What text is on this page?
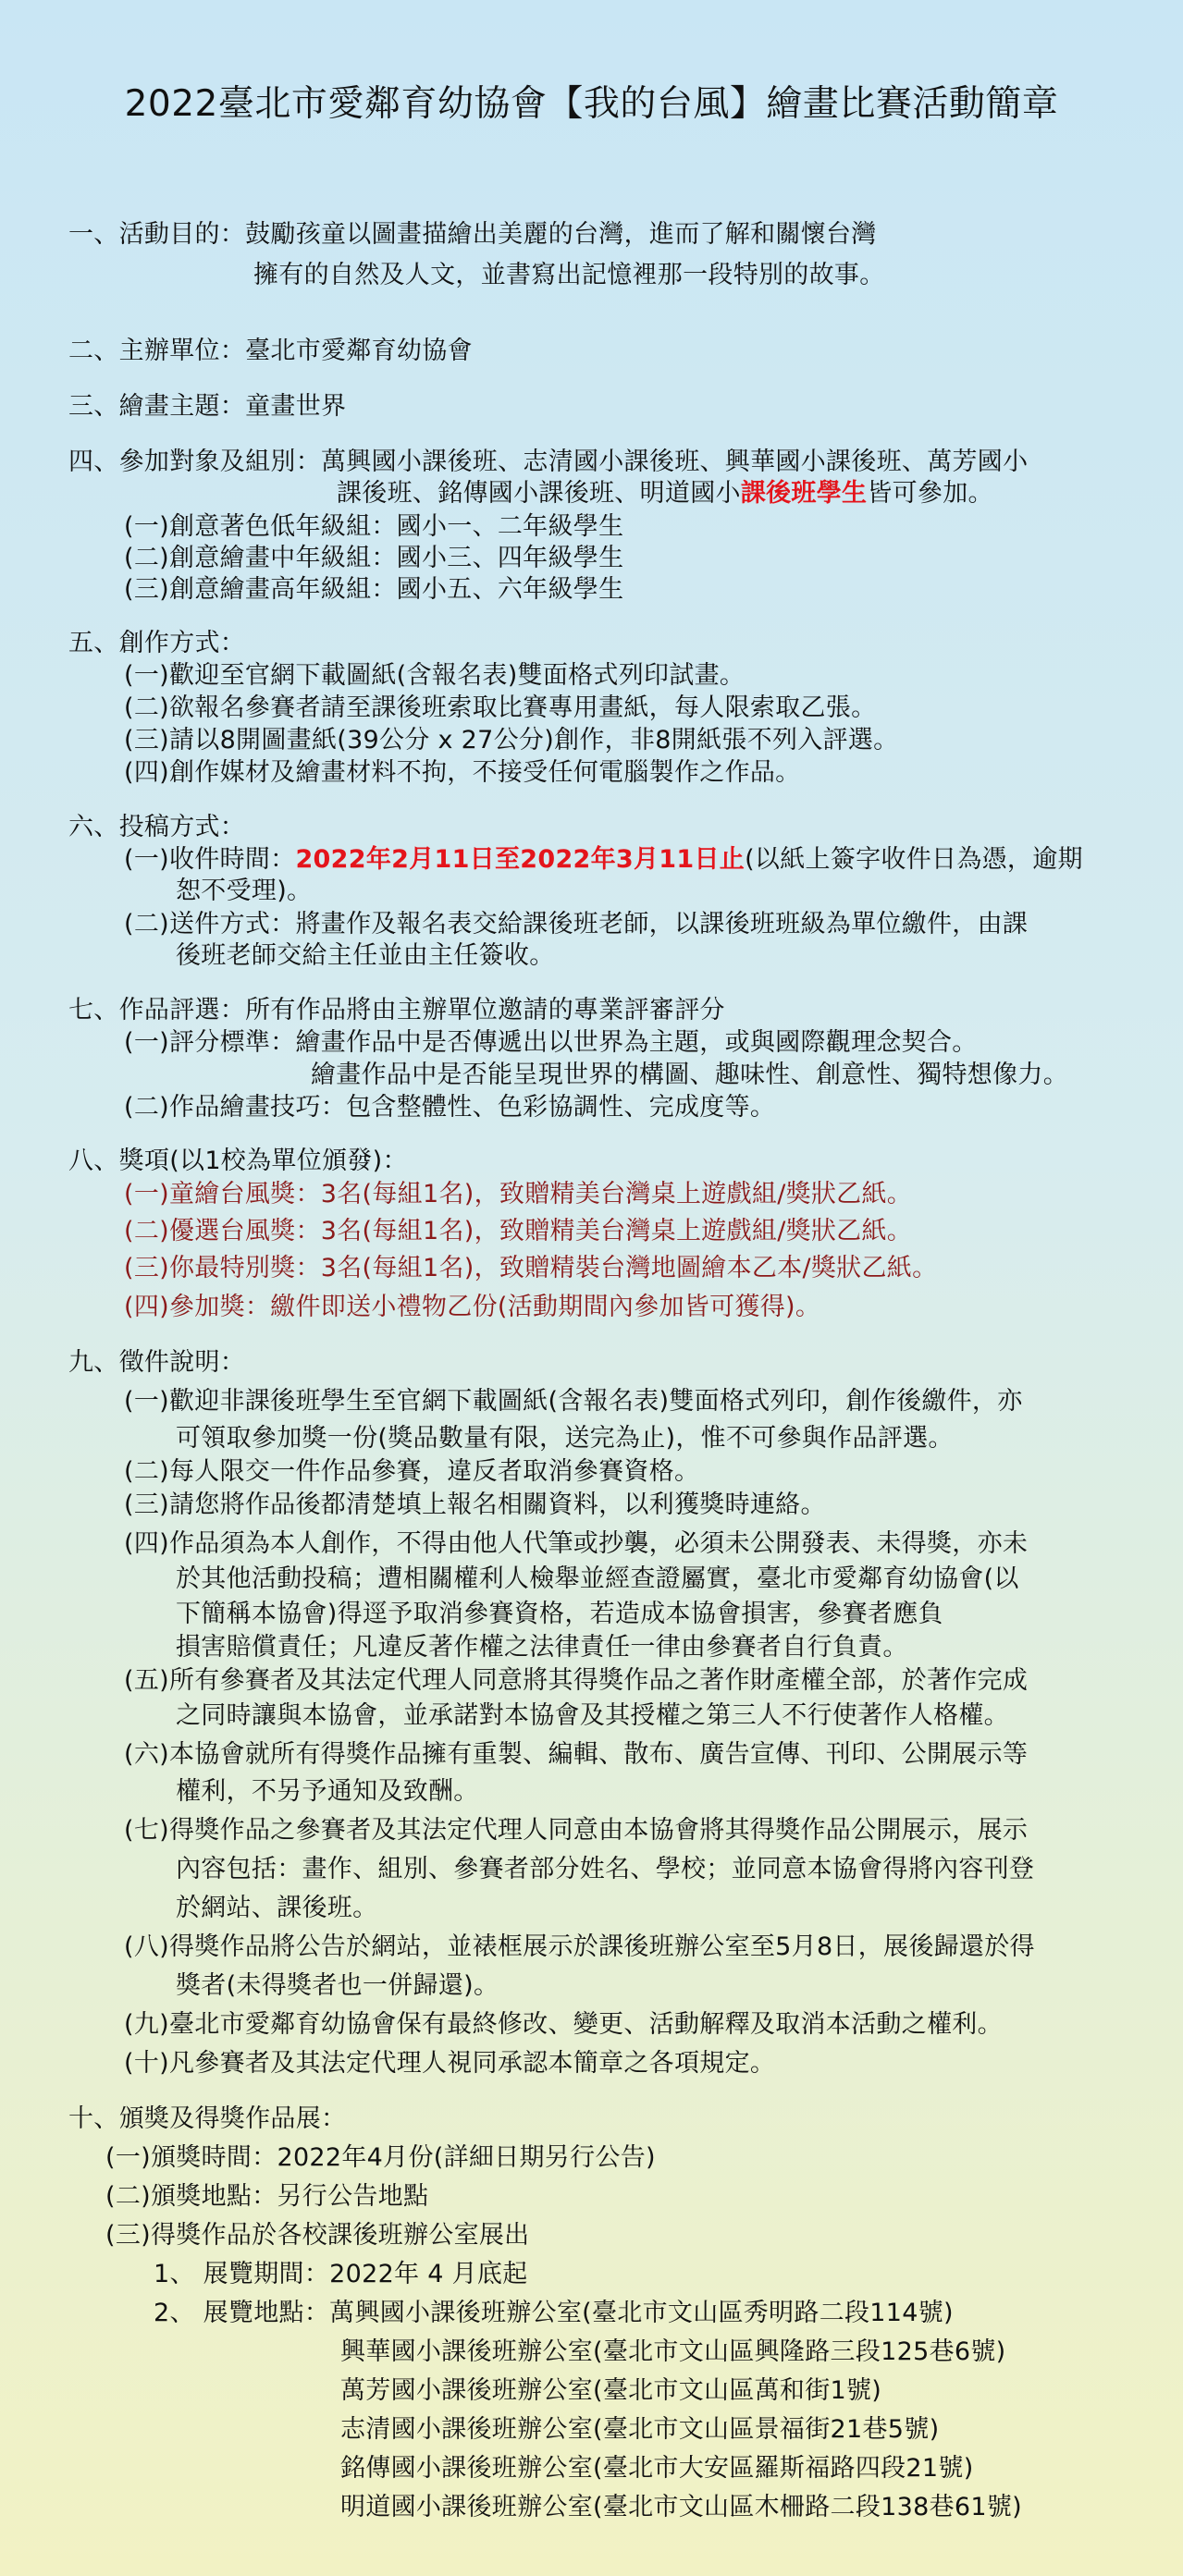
2022臺北市愛鄰育幼協會【我的台風】繪畫比賽活動簡章
一、活動目的：鼓勵孩童以圖畫描繪出美麗的台灣，進而了解和關懷台灣
擁有的自然及人文，並書寫出記憶裡那一段特別的故事。
二、主辦單位：臺北市愛鄰育幼協會
三、繪畫主題：童畫世界
四、參加對象及組別：萬興國小課後班、志清國小課後班、興華國小課後班、萬芳國小
課後班、銘傳國小課後班、明道國小課後班學生皆可參加。
(一)創意著色低年級組：國小一、二年級學生
(二)創意繪畫中年級組：國小三、四年級學生
(三)創意繪畫高年級組：國小五、六年級學生
五、創作方式：
(一)歡迎至官網下載圖紙(含報名表)雙面格式列印試畫。
(二)欲報名參賽者請至課後班索取比賽專用畫紙，每人限索取乙張。
(三)請以8開圖畫紙(39公分 x 27公分)創作，非8開紙張不列入評選。
(四)創作媒材及繪畫材料不拘，不接受任何電腦製作之作品。
六、投稿方式：
(一)收件時間：2022年2月11日至2022年3月11日止(以紙上簽字收件日為憑，逾期
恕不受理)。
(二)送件方式：將畫作及報名表交給課後班老師，以課後班班級為單位繳件，由課
後班老師交給主任並由主任簽收。
七、作品評選：所有作品將由主辦單位邀請的專業評審評分
(一)評分標準：繪畫作品中是否傳遞出以世界為主題，或與國際觀理念契合。
繪畫作品中是否能呈現世界的構圖、趣味性、創意性、獨特想像力。
(二)作品繪畫技巧：包含整體性、色彩協調性、完成度等。
八、獎項(以1校為單位頒發)：
(一)童繪台風獎：3名(每組1名)，致贈精美台灣桌上遊戲組/獎狀乙紙。
(二)優選台風獎：3名(每組1名)，致贈精美台灣桌上遊戲組/獎狀乙紙。
(三)你最特別獎：3名(每組1名)，致贈精裝台灣地圖繪本乙本/獎狀乙紙。
(四)參加獎：繳件即送小禮物乙份(活動期間內參加皆可獲得)。
九、徵件說明：
(一)歡迎非課後班學生至官網下載圖紙(含報名表)雙面格式列印，創作後繳件，亦
可領取參加獎一份(獎品數量有限，送完為止)，惟不可參與作品評選。
(二)每人限交一件作品參賽，違反者取消參賽資格。
(三)請您將作品後都清楚填上報名相關資料，以利獲獎時連絡。
(四)作品須為本人創作，不得由他人代筆或抄襲，必須未公開發表、未得獎，亦未
於其他活動投稿；遭相關權利人檢舉並經查證屬實，臺北市愛鄰育幼協會(以
下簡稱本協會)得逕予取消參賽資格，若造成本協會損害，參賽者應負
損害賠償責任；凡違反著作權之法律責任一律由參賽者自行負責。
(五)所有參賽者及其法定代理人同意將其得獎作品之著作財產權全部，於著作完成
之同時讓與本協會，並承諾對本協會及其授權之第三人不行使著作人格權。
(六)本協會就所有得獎作品擁有重製、編輯、散布、廣告宣傳、刊印、公開展示等
權利，不另予通知及致酬。
(七)得獎作品之參賽者及其法定代理人同意由本協會將其得獎作品公開展示，展示
內容包括：畫作、組別、參賽者部分姓名、學校；並同意本協會得將內容刊登
於網站、課後班。
(八)得獎作品將公告於網站，並裱框展示於課後班辦公室至5月8日，展後歸還於得
獎者(未得獎者也一併歸還)。
(九)臺北市愛鄰育幼協會保有最終修改、變更、活動解釋及取消本活動之權利。
(十)凡參賽者及其法定代理人視同承認本簡章之各項規定。
十、頒獎及得獎作品展：
(一)頒獎時間：2022年4月份(詳細日期另行公告)
(二)頒獎地點：另行公告地點
(三)得獎作品於各校課後班辦公室展出
1、 展覽期間：2022年 4 月底起
2、 展覽地點：萬興國小課後班辦公室(臺北市文山區秀明路二段114號)
興華國小課後班辦公室(臺北市文山區興隆路三段125巷6號)
萬芳國小課後班辦公室(臺北市文山區萬和街1號)
志清國小課後班辦公室(臺北市文山區景福街21巷5號)
銘傳國小課後班辦公室(臺北市大安區羅斯福路四段21號)
明道國小課後班辦公室(臺北市文山區木柵路二段138巷61號)
